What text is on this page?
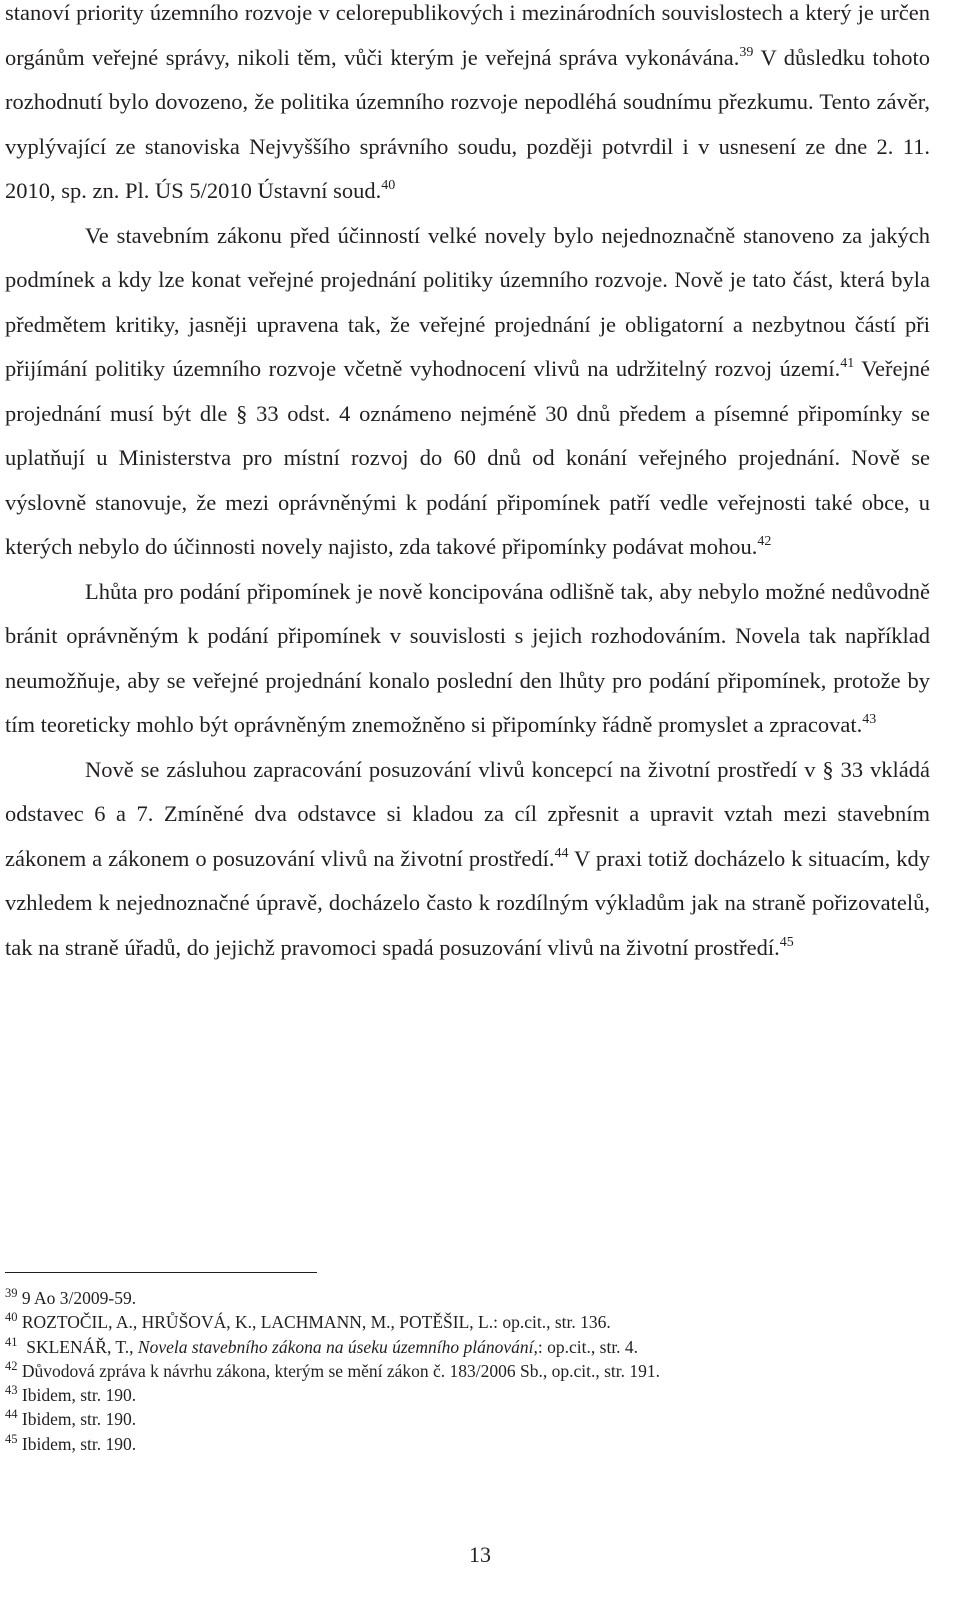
stanoví priority územního rozvoje v celorepublikových i mezinárodních souvislostech a který je určen orgánům veřejné správy, nikoli těm, vůči kterým je veřejná správa vykonávána.$^{39}$ V důsledku tohoto rozhodnutí bylo dovozeno, že politika územního rozvoje nepodléhá soudnímu přezkumu. Tento závěr, vyplývající ze stanoviska Nejvyššího správního soudu, později potvrdil i v usnesení ze dne 2. 11. 2010, sp. zn. Pl. ÚS 5/2010 Ústavní soud.$^{40}$

Ve stavebním zákonu před účinností velké novely bylo nejednoznačně stanoveno za jakých podmínek a kdy lze konat veřejné projednání politiky územního rozvoje. Nově je tato část, která byla předmětem kritiky, jasněji upravena tak, že veřejné projednání je obligatorní a nezbytnou částí při přijímání politiky územního rozvoje včetně vyhodnocení vlivů na udržitelný rozvoj území.$^{41}$ Veřejné projednání musí být dle § 33 odst. 4 oznámeno nejméně 30 dnů předem a písemné připomínky se uplatňují u Ministerstva pro místní rozvoj do 60 dnů od konání veřejného projednání. Nově se výslovně stanovuje, že mezi oprávněnými k podání připomínek patří vedle veřejnosti také obce, u kterých nebylo do účinnosti novely najisto, zda takové připomínky podávat mohou.$^{42}$

Lhůta pro podání připomínek je nově koncipována odlišně tak, aby nebylo možné nedůvodně bránit oprávněným k podání připomínek v souvislosti s jejich rozhodováním. Novela tak například neumožňuje, aby se veřejné projednání konalo poslední den lhůty pro podání připomínek, protože by tím teoreticky mohlo být oprávněným znemožněno si připomínky řádně promyslet a zpracovat.$^{43}$

Nově se zásluhou zapracování posuzování vlivů koncepcí na životní prostředí v § 33 vkládá odstavec 6 a 7. Zmíněné dva odstavce si kladou za cíl zpřesnit a upravit vztah mezi stavebním zákonem a zákonem o posuzování vlivů na životní prostředí.$^{44}$ V praxi totiž docházelo k situacím, kdy vzhledem k nejednoznačné úpravě, docházelo často k rozdílným výkladům jak na straně pořizovatelů, tak na straně úřadů, do jejichž pravomoci spadá posuzování vlivů na životní prostředí.$^{45}$

$^{39}$ 9 Ao 3/2009-59.
$^{40}$ ROZTOČIL, A., HRŮŠOVÁ, K., LACHMANN, M., POTĚŠIL, L.: op.cit., str. 136.
$^{41}$  SKLENÁŘ, T., Novela stavebního zákona na úseku územního plánování,: op.cit., str. 4.
$^{42}$ Důvodová zpráva k návrhu zákona, kterým se mění zákon č. 183/2006 Sb., op.cit., str. 191.
$^{43}$ Ibidem, str. 190.
$^{44}$ Ibidem, str. 190.
$^{45}$ Ibidem, str. 190.
13
